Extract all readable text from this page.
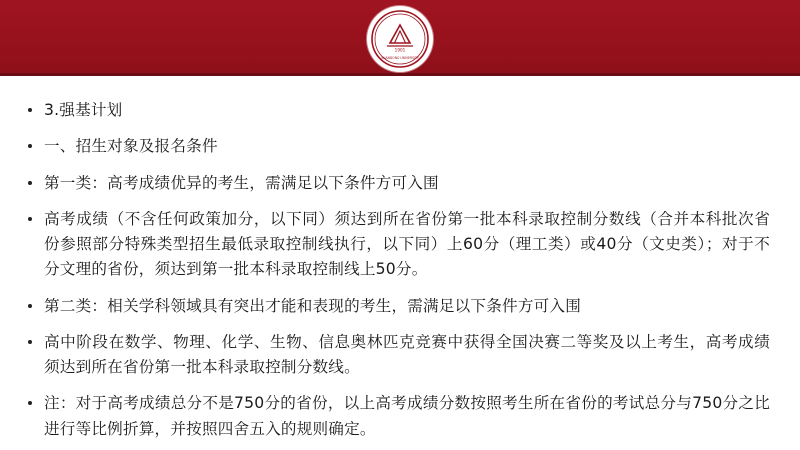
1901
SHANDONG UNIVERSITY
3.强基计划
一、招生对象及报名条件
第一类：高考成绩优异的考生，需满足以下条件方可入围
高考成绩（不含任何政策加分，以下同）须达到所在省份第一批本科录取控制分数线（合并本科批次省份参照部分特殊类型招生最低录取控制线执行，以下同）上60分（理工类）或40分（文史类）；对于不分文理的省份，须达到第一批本科录取控制线上50分。
第二类：相关学科领域具有突出才能和表现的考生，需满足以下条件方可入围
高中阶段在数学、物理、化学、生物、信息奥林匹克竞赛中获得全国决赛二等奖及以上考生，高考成绩须达到所在省份第一批本科录取控制分数线。
注：对于高考成绩总分不是750分的省份，以上高考成绩分数按照考生所在省份的考试总分与750分之比进行等比例折算，并按照四舍五入的规则确定。
